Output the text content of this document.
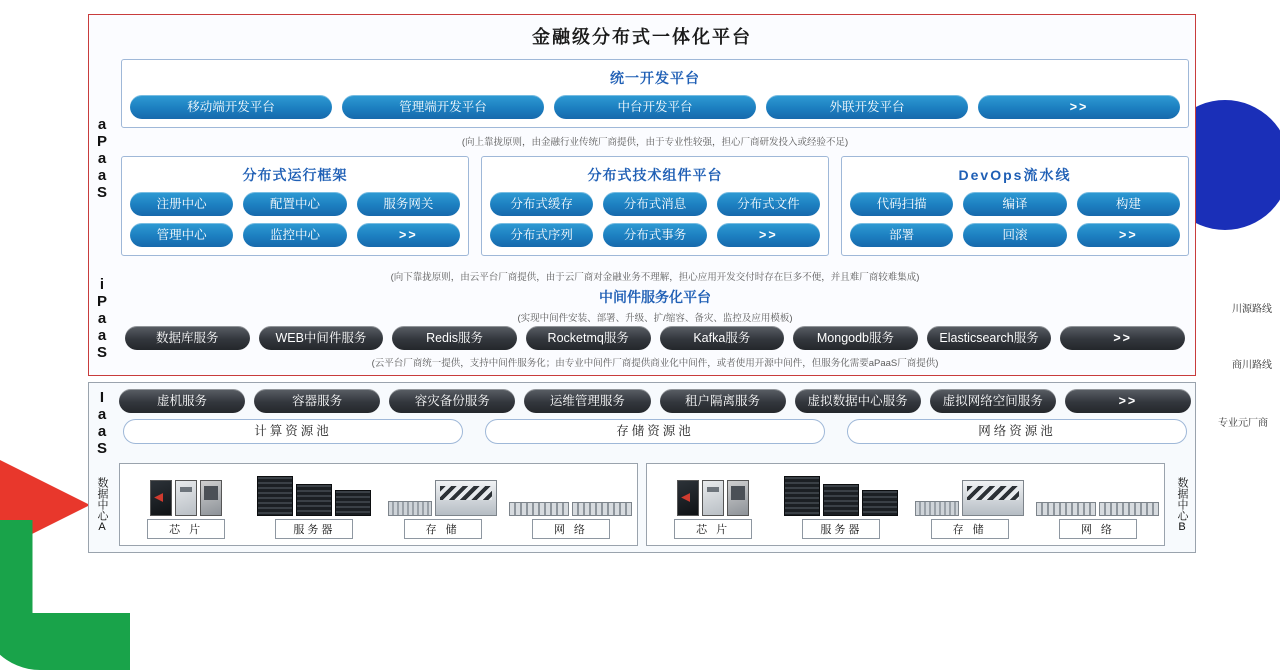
金融级分布式一体化平台
aPaaS
统一开发平台
移动端开发平台	管理端开发平台	中台开发平台	外联开发平台	>>
(向上靠拢原则，由金融行业传统厂商提供，由于专业性较强，担心厂商研发投入或经验不足)
分布式运行框架
注册中心	配置中心	服务网关
管理中心	监控中心	>>
分布式技术组件平台
分布式缓存	分布式消息	分布式文件
分布式序列	分布式事务	>>
DevOps流水线
代码扫描	编译	构建
部署	回滚	>>
iPaaS	(向下靠拢原则，由云平台厂商提供，由于云厂商对金融业务不理解，担心应用开发交付时存在巨多不便，并且难厂商较难集成)
中间件服务化平台
(实现中间件安装、部署、升级、扩/缩容、备灾、监控及应用模板)
数据库服务	WEB中间件服务	Redis服务	Rocketmq服务	Kafka服务	Mongodb服务	Elasticsearch服务	>>
(云平台厂商统一提供，支持中间件服务化；由专业中间件厂商提供商业化中间件，或者使用开源中间件，但服务化需要aPaaS厂商提供)
IaaS	虚机服务	容器服务	容灾备份服务	运维管理服务	租户隔离服务	虚拟数据中心服务	虚拟网络空间服务	>>
计算资源池	存储资源池	网络资源池
数据中心A	芯 片	服务器	存 储	网 络	芯 片	服务器	存 储	网 络	数据中心B
川源路线
商川路线
专业元厂商
